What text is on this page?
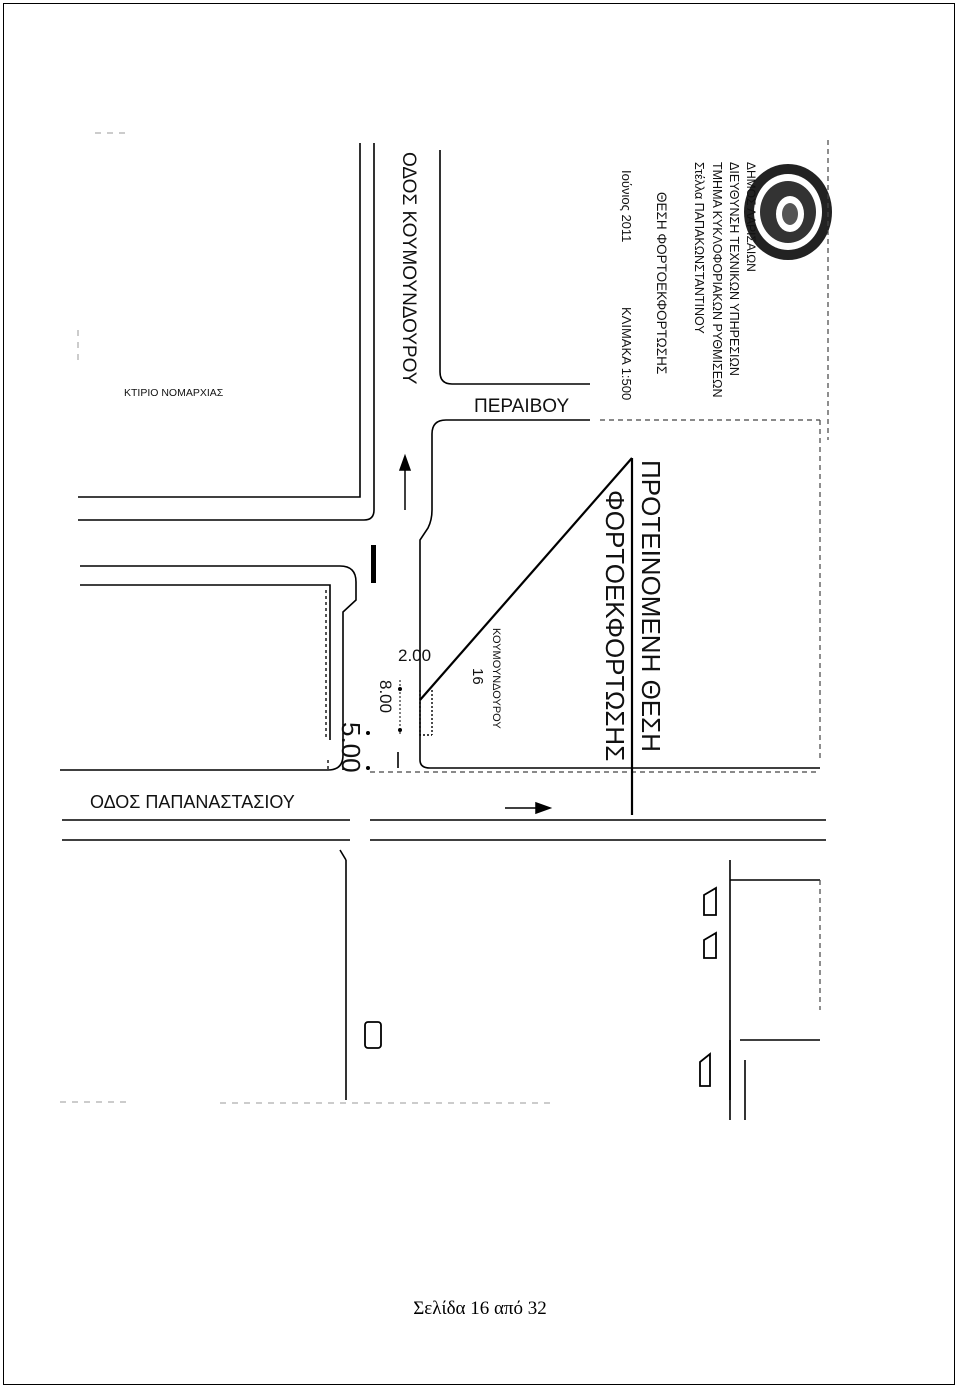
ΔΗΜΟΣ ΛΑΡΙΣΑΙΩΝ
ΔΙΕΥΘΥΝΣΗ ΤΕΧΝΙΚΩΝ ΥΠΗΡΕΣΙΩΝ
ΤΜΗΜΑ ΚΥΚΛΟΦΟΡΙΑΚΩΝ ΡΥΘΜΙΣΕΩΝ
Στέλλα ΠΑΠΑΚΩΝΣΤΑΝΤΙΝΟΥ
ΘΕΣΗ ΦΟΡΤΟΕΚΦΟΡΤΩΣΗΣ
Ιούνιος 2011
ΚΛΙΜΑΚΑ 1:500
ΟΔΟΣ ΚΟΥΜΟΥΝΔΟΥΡΟΥ
ΠΕΡΑΙΒΟΥ
ΟΔΟΣ ΠΑΠΑΝΑΣΤΑΣΙΟΥ
ΚΤΙΡΙΟ ΝΟΜΑΡΧΙΑΣ
ΚΟΥΜΟΥΝΔΟΥΡΟΥ
16	ΠΡΟΤΕΙΝΟΜΕΝΗ ΘΕΣΗ
ΦΟΡΤΟΕΚΦΟΡΤΩΣΗΣ
2.00
8.00
5.00
Σελίδα 16 από 32
